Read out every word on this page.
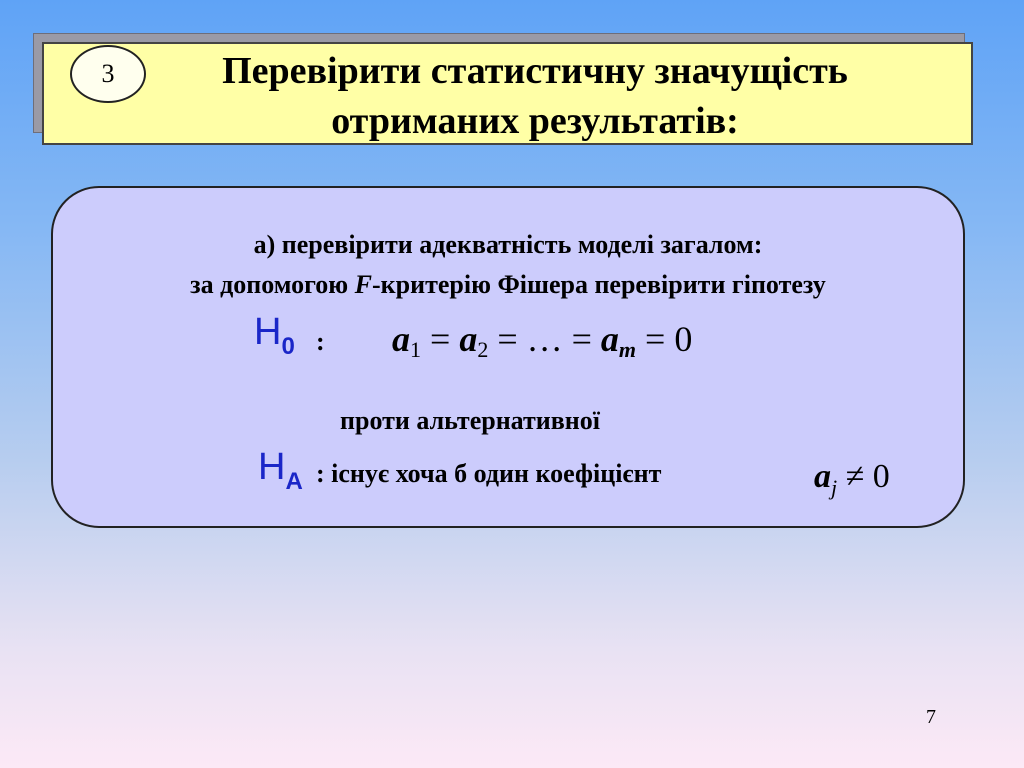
3	Перевірити статистичну значущість
отриманих результатів:
а) перевірити адекватність моделі загалом:
за допомогою F-критерію Фішера перевірити гіпотезу
$Н_0$ : $a_1 = a_2$ = … = $a_m = 0$
проти альтернативної
$Н_A$ : існує хоча б один коефіцієнт	$a_j \ne 0$
7
